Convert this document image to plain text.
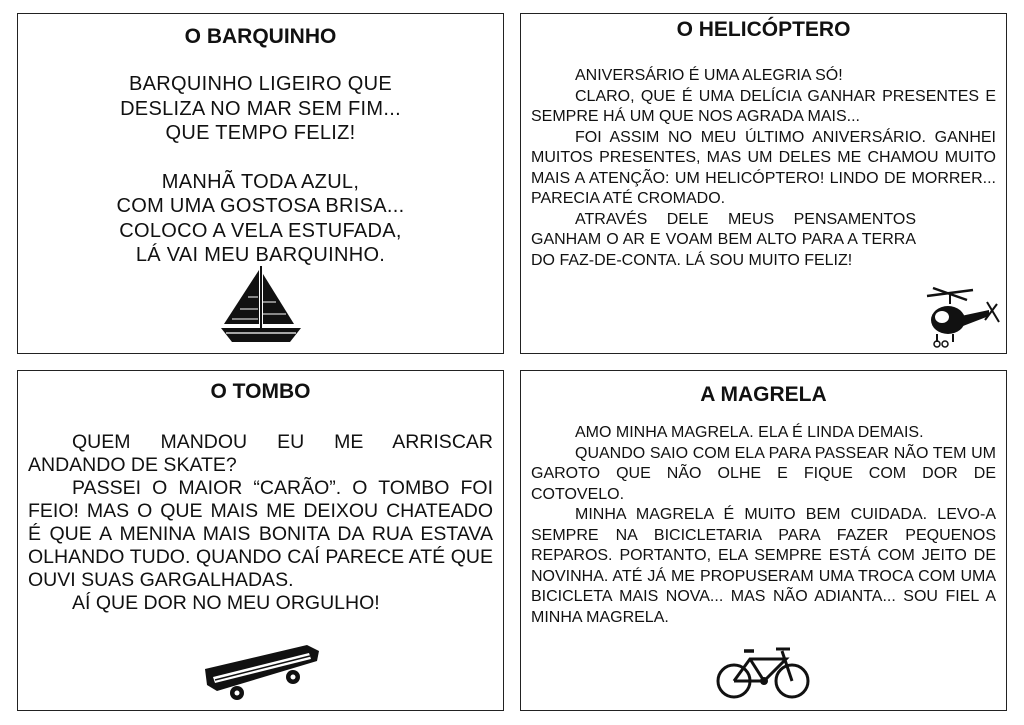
O BARQUINHO
BARQUINHO LIGEIRO QUE
DESLIZA NO MAR SEM FIM...
QUE TEMPO FELIZ!
MANHÃ TODA AZUL,
COM UMA GOSTOSA BRISA...
COLOCO A VELA ESTUFADA,
LÁ VAI MEU BARQUINHO.
O HELICÓPTERO

ANIVERSÁRIO É UMA ALEGRIA SÓ!

CLARO, QUE É UMA DELÍCIA GANHAR PRESENTES E SEMPRE HÁ UM QUE NOS AGRADA MAIS...

FOI ASSIM NO MEU ÚLTIMO ANIVERSÁRIO. GANHEI MUITOS PRESENTES, MAS UM DELES ME CHAMOU MUITO MAIS A ATENÇÃO: UM HELICÓPTERO! LINDO DE MORRER... PARECIA ATÉ CROMADO.

ATRAVÉS DELE MEUS PENSAMENTOS GANHAM O AR E VOAM BEM ALTO PARA A TERRA DO FAZ-DE-CONTA. LÁ SOU MUITO FELIZ!

O TOMBO

QUEM MANDOU EU ME ARRISCAR ANDANDO DE SKATE?

PASSEI O MAIOR “CARÃO”. O TOMBO FOI FEIO! MAS O QUE MAIS ME DEIXOU CHATEADO É QUE A MENINA MAIS BONITA DA RUA ESTAVA OLHANDO TUDO. QUANDO CAÍ PARECE ATÉ QUE OUVI SUAS GARGALHADAS.

AÍ QUE DOR NO MEU ORGULHO!

A MAGRELA

AMO MINHA MAGRELA. ELA É LINDA DEMAIS.

QUANDO SAIO COM ELA PARA PASSEAR NÃO TEM UM GAROTO QUE NÃO OLHE E FIQUE COM DOR DE COTOVELO.

MINHA MAGRELA É MUITO BEM CUIDADA. LEVO-A SEMPRE NA BICICLETARIA PARA FAZER PEQUENOS REPAROS. PORTANTO, ELA SEMPRE ESTÁ COM JEITO DE NOVINHA. ATÉ JÁ ME PROPUSERAM UMA TROCA COM UMA BICICLETA MAIS NOVA... MAS NÃO ADIANTA... SOU FIEL A MINHA MAGRELA.
